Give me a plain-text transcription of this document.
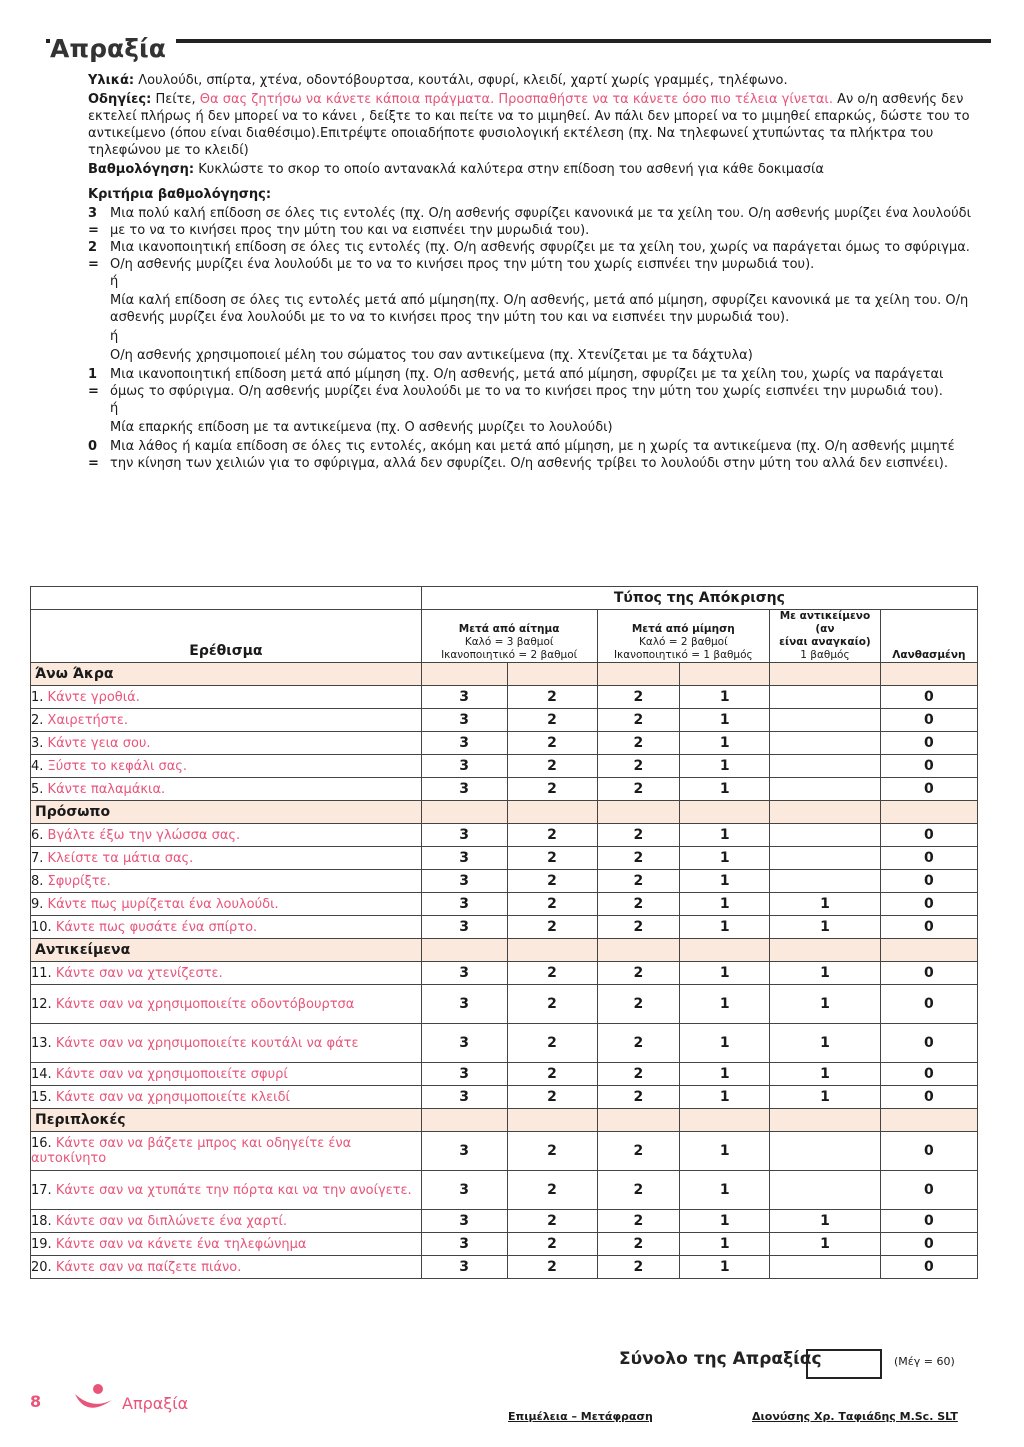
Απραξία

Υλικά: Λουλούδι, σπίρτα, χτένα, οδοντόβουρτσα, κουτάλι, σφυρί, κλειδί, χαρτί χωρίς γραμμές, τηλέφωνο.

Οδηγίες: Πείτε, Θα σας ζητήσω να κάνετε κάποια πράγματα. Προσπαθήστε να τα κάνετε όσο πιο τέλεια γίνεται. Αν ο/η ασθενής δεν εκτελεί πλήρως ή δεν μπορεί να το κάνει , δείξτε το και πείτε να το μιμηθεί. Αν πάλι δεν μπορεί να το μιμηθεί επαρκώς, δώστε του το αντικείμενο (όπου είναι διαθέσιμο).Επιτρέψτε οποιαδήποτε φυσιολογική εκτέλεση (πχ. Να τηλεφωνεί χτυπώντας τα πλήκτρα του τηλεφώνου με το κλειδί)

Βαθμολόγηση: Κυκλώστε το σκορ το οποίο αντανακλά καλύτερα στην επίδοση του ασθενή για κάθε δοκιμασία

Κριτήρια βαθμολόγησης:

3 =
Μια πολύ καλή επίδοση σε όλες τις εντολές (πχ. Ο/η ασθενής σφυρίζει κανονικά με τα χείλη του. Ο/η ασθενής μυρίζει ένα λουλούδι με το να το κινήσει προς την μύτη του και να εισπνέει την μυρωδιά του).
2 =
Μια ικανοποιητική επίδοση σε όλες τις εντολές (πχ. Ο/η ασθενής σφυρίζει με τα χείλη του, χωρίς να παράγεται όμως το σφύριγμα. Ο/η ασθενής μυρίζει ένα λουλούδι με το να το κινήσει προς την μύτη του χωρίς εισπνέει την μυρωδιά του).

ή

Μία καλή επίδοση σε όλες τις εντολές μετά από μίμηση(πχ. Ο/η ασθενής, μετά από μίμηση, σφυρίζει κανονικά με τα χείλη του. Ο/η ασθενής μυρίζει ένα λουλούδι με το να το κινήσει προς την μύτη του και να εισπνέει την μυρωδιά του).

ή

Ο/η ασθενής χρησιμοποιεί μέλη του σώματος του σαν αντικείμενα (πχ. Χτενίζεται με τα δάχτυλα)

1 =
Μια ικανοποιητική επίδοση μετά από μίμηση (πχ. Ο/η ασθενής, μετά από μίμηση, σφυρίζει με τα χείλη του, χωρίς να παράγεται όμως το σφύριγμα. Ο/η ασθενής μυρίζει ένα λουλούδι με το να το κινήσει προς την μύτη του χωρίς εισπνέει την μυρωδιά του).

ή

Μία επαρκής επίδοση με τα αντικείμενα (πχ. Ο ασθενής μυρίζει το λουλούδι)

0 =
Μια λάθος ή καμία επίδοση σε όλες τις εντολές, ακόμη και μετά από μίμηση, με η χωρίς τα αντικείμενα (πχ. Ο/η ασθενής μιμητέ την κίνηση των χειλιών για το σφύριγμα, αλλά δεν σφυρίζει. Ο/η ασθενής τρίβει το λουλούδι στην μύτη του αλλά δεν εισπνέει).
	Τύπος της Απόκρισης					
Ερέθισμα	Μετά από αίτημα
Καλό = 3 βαθμοί
Ικανοποιητικό = 2 βαθμοί		Μετά από μίμηση
Καλό = 2 βαθμοί
Ικανοποιητικό = 1 βαθμός		Με αντικείμενο (αν
είναι αναγκαίο)
1 βαθμός	Λανθασμένη
Άνω Άκρα						
1. Κάντε γροθιά.	3	2	2	1		0
2. Χαιρετήστε.	3	2	2	1		0
3. Κάντε γεια σου.	3	2	2	1		0
4. Ξύστε το κεφάλι σας.	3	2	2	1		0
5. Κάντε παλαμάκια.	3	2	2	1		0
Πρόσωπο						
6. Βγάλτε έξω την γλώσσα σας.	3	2	2	1		0
7. Κλείστε τα μάτια σας.	3	2	2	1		0
8. Σφυρίξτε.	3	2	2	1		0
9. Κάντε πως μυρίζεται ένα λουλούδι.	3	2	2	1	1	0
10. Κάντε πως φυσάτε ένα σπίρτο.	3	2	2	1	1	0
Αντικείμενα						
11. Κάντε σαν να χτενίζεστε.	3	2	2	1	1	0
12. Κάντε σαν να χρησιμοποιείτε οδοντόβουρτσα	3	2	2	1	1	0
13. Κάντε σαν να χρησιμοποιείτε κουτάλι να φάτε	3	2	2	1	1	0
14. Κάντε σαν να χρησιμοποιείτε σφυρί	3	2	2	1	1	0
15. Κάντε σαν να χρησιμοποιείτε κλειδί	3	2	2	1	1	0
Περιπλοκές						
16. Κάντε σαν να βάζετε μπρος και οδηγείτε ένα αυτοκίνητο	3	2	2	1		0
17. Κάντε σαν να χτυπάτε την πόρτα και να την ανοίγετε.	3	2	2	1		0
18. Κάντε σαν να διπλώνετε ένα χαρτί.	3	2	2	1	1	0
19. Κάντε σαν να κάνετε ένα τηλεφώνημα	3	2	2	1	1	0
20. Κάντε σαν να παίζετε πιάνο.	3	2	2	1		0
Σύνολο της Απραξίας	(Μέγ = 60)
8	Απραξία
Επιμέλεια – Μετάφραση	Διονύσης Χρ. Ταφιάδης M.Sc. SLT
